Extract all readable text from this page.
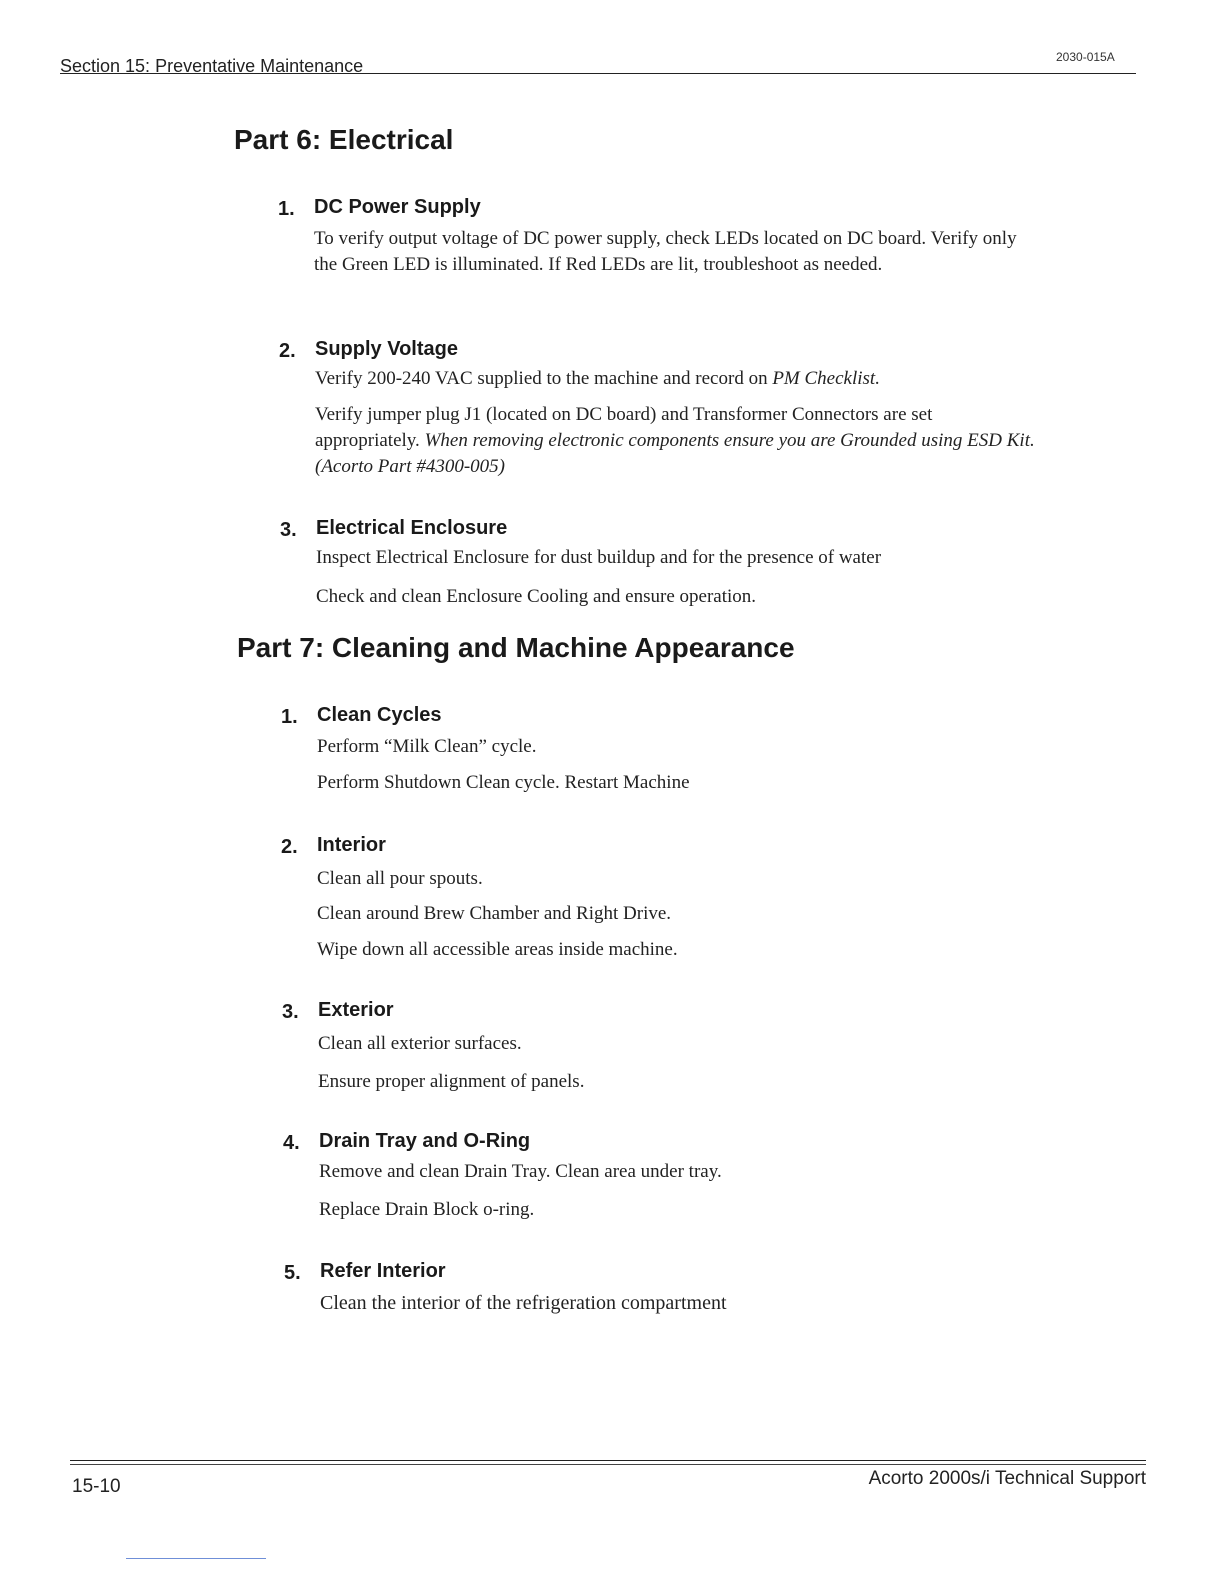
Section 15: Preventative Maintenance	2030-015A
Part 6: Electrical
1. DC Power Supply

To verify output voltage of DC power supply, check LEDs located on DC board. Verify only the Green LED is illuminated. If Red LEDs are lit, troubleshoot as needed.

2. Supply Voltage

Verify 200-240 VAC supplied to the machine and record on PM Checklist.

Verify jumper plug J1 (located on DC board) and Transformer Connectors are set appropriately. When removing electronic components ensure you are Grounded using ESD Kit. (Acorto Part #4300-005)

3. Electrical Enclosure

Inspect Electrical Enclosure for dust buildup and for the presence of water

Check and clean Enclosure Cooling and ensure operation.

Part 7: Cleaning and Machine Appearance
1. Clean Cycles

Perform “Milk Clean” cycle.

Perform Shutdown Clean cycle. Restart Machine

2. Interior

Clean all pour spouts.

Clean around Brew Chamber and Right Drive.

Wipe down all accessible areas inside machine.

3. Exterior

Clean all exterior surfaces.

Ensure proper alignment of panels.

4. Drain Tray and O-Ring

Remove and clean Drain Tray. Clean area under tray.

Replace Drain Block o-ring.

5. Refer Interior

Clean the interior of the refrigeration compartment

15-10	Acorto 2000s/i Technical Support
